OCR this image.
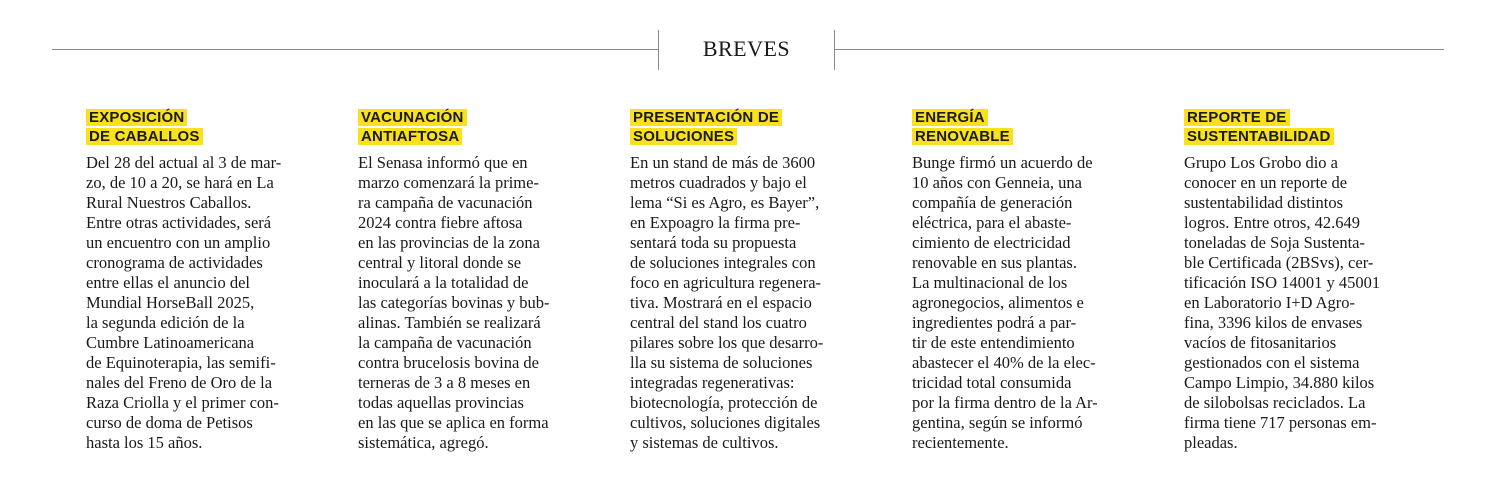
BREVES
EXPOSICIÓN
DE CABALLOS

Del 28 del actual al 3 de mar-
zo, de 10 a 20, se hará en La
Rural Nuestros Caballos.
Entre otras actividades, será
un encuentro con un amplio
cronograma de actividades
entre ellas el anuncio del
Mundial HorseBall 2025,
la segunda edición de la
Cumbre Latinoamericana
de Equinoterapia, las semifi-
nales del Freno de Oro de la
Raza Criolla y el primer con-
curso de doma de Petisos
hasta los 15 años.

VACUNACIÓN
ANTIAFTOSA

El Senasa informó que en
marzo comenzará la prime-
ra campaña de vacunación
2024 contra fiebre aftosa
en las provincias de la zona
central y litoral donde se
inoculará a la totalidad de
las categorías bovinas y bub-
alinas. También se realizará
la campaña de vacunación
contra brucelosis bovina de
terneras de 3 a 8 meses en
todas aquellas provincias
en las que se aplica en forma
sistemática, agregó.

PRESENTACIÓN DE
SOLUCIONES

En un stand de más de 3600
metros cuadrados y bajo el
lema “Si es Agro, es Bayer”,
en Expoagro la firma pre-
sentará toda su propuesta
de soluciones integrales con
foco en agricultura regenera-
tiva. Mostrará en el espacio
central del stand los cuatro
pilares sobre los que desarro-
lla su sistema de soluciones
integradas regenerativas:
biotecnología, protección de
cultivos, soluciones digitales
y sistemas de cultivos.

ENERGÍA
RENOVABLE

Bunge firmó un acuerdo de
10 años con Genneia, una
compañía de generación
eléctrica, para el abaste-
cimiento de electricidad
renovable en sus plantas.
La multinacional de los
agronegocios, alimentos e
ingredientes podrá a par-
tir de este entendimiento
abastecer el 40% de la elec-
tricidad total consumida
por la firma dentro de la Ar-
gentina, según se informó
recientemente.

REPORTE DE
SUSTENTABILIDAD

Grupo Los Grobo dio a
conocer en un reporte de
sustentabilidad distintos
logros. Entre otros, 42.649
toneladas de Soja Sustenta-
ble Certificada (2BSvs), cer-
tificación ISO 14001 y 45001
en Laboratorio I+D Agro-
fina, 3396 kilos de envases
vacíos de fitosanitarios
gestionados con el sistema
Campo Limpio, 34.880 kilos
de silobolsas reciclados. La
firma tiene 717 personas em-
pleadas.
